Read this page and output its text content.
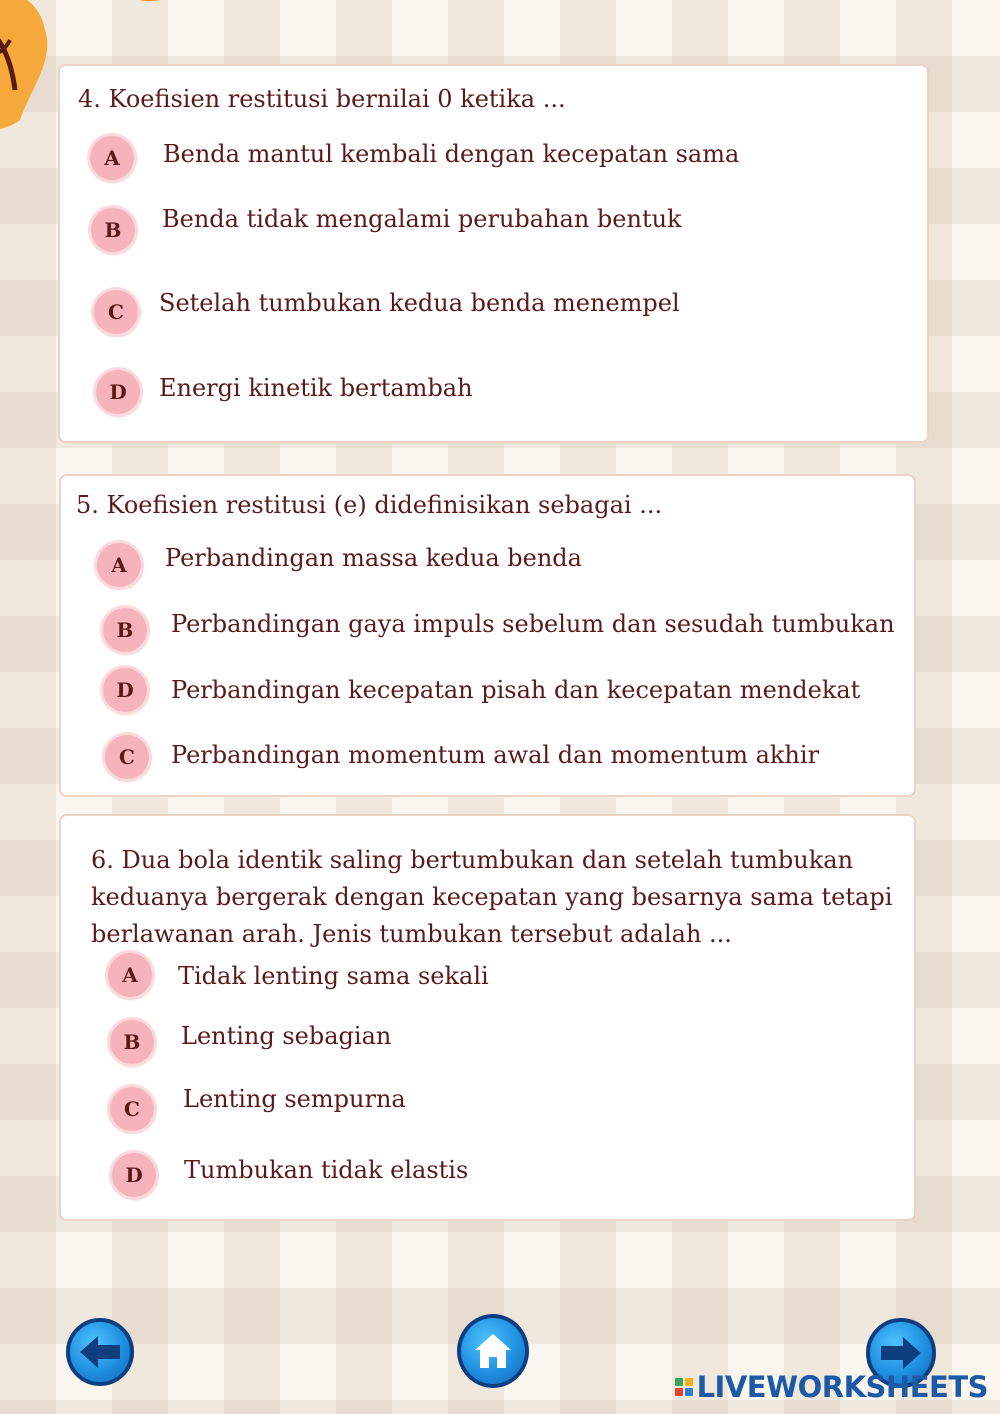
4. Koefisien restitusi bernilai 0 ketika ...

A	Benda mantul kembali dengan kecepatan sama
B	Benda tidak mengalami perubahan bentuk
C	Setelah tumbukan kedua benda menempel
D	Energi kinetik bertambah

5. Koefisien restitusi (e) didefinisikan sebagai ...

A	Perbandingan massa kedua benda
B	Perbandingan gaya impuls sebelum dan sesudah tumbukan
D	Perbandingan kecepatan pisah dan kecepatan mendekat
C	Perbandingan momentum awal dan momentum akhir

6. Dua bola identik saling bertumbukan dan setelah tumbukan keduanya bergerak dengan kecepatan yang besarnya sama tetapi berlawanan arah. Jenis tumbukan tersebut adalah ...

A	Tidak lenting sama sekali
B	Lenting sebagian
C	Lenting sempurna
D	Tumbukan tidak elastis
LIVEWORKSHEETS
